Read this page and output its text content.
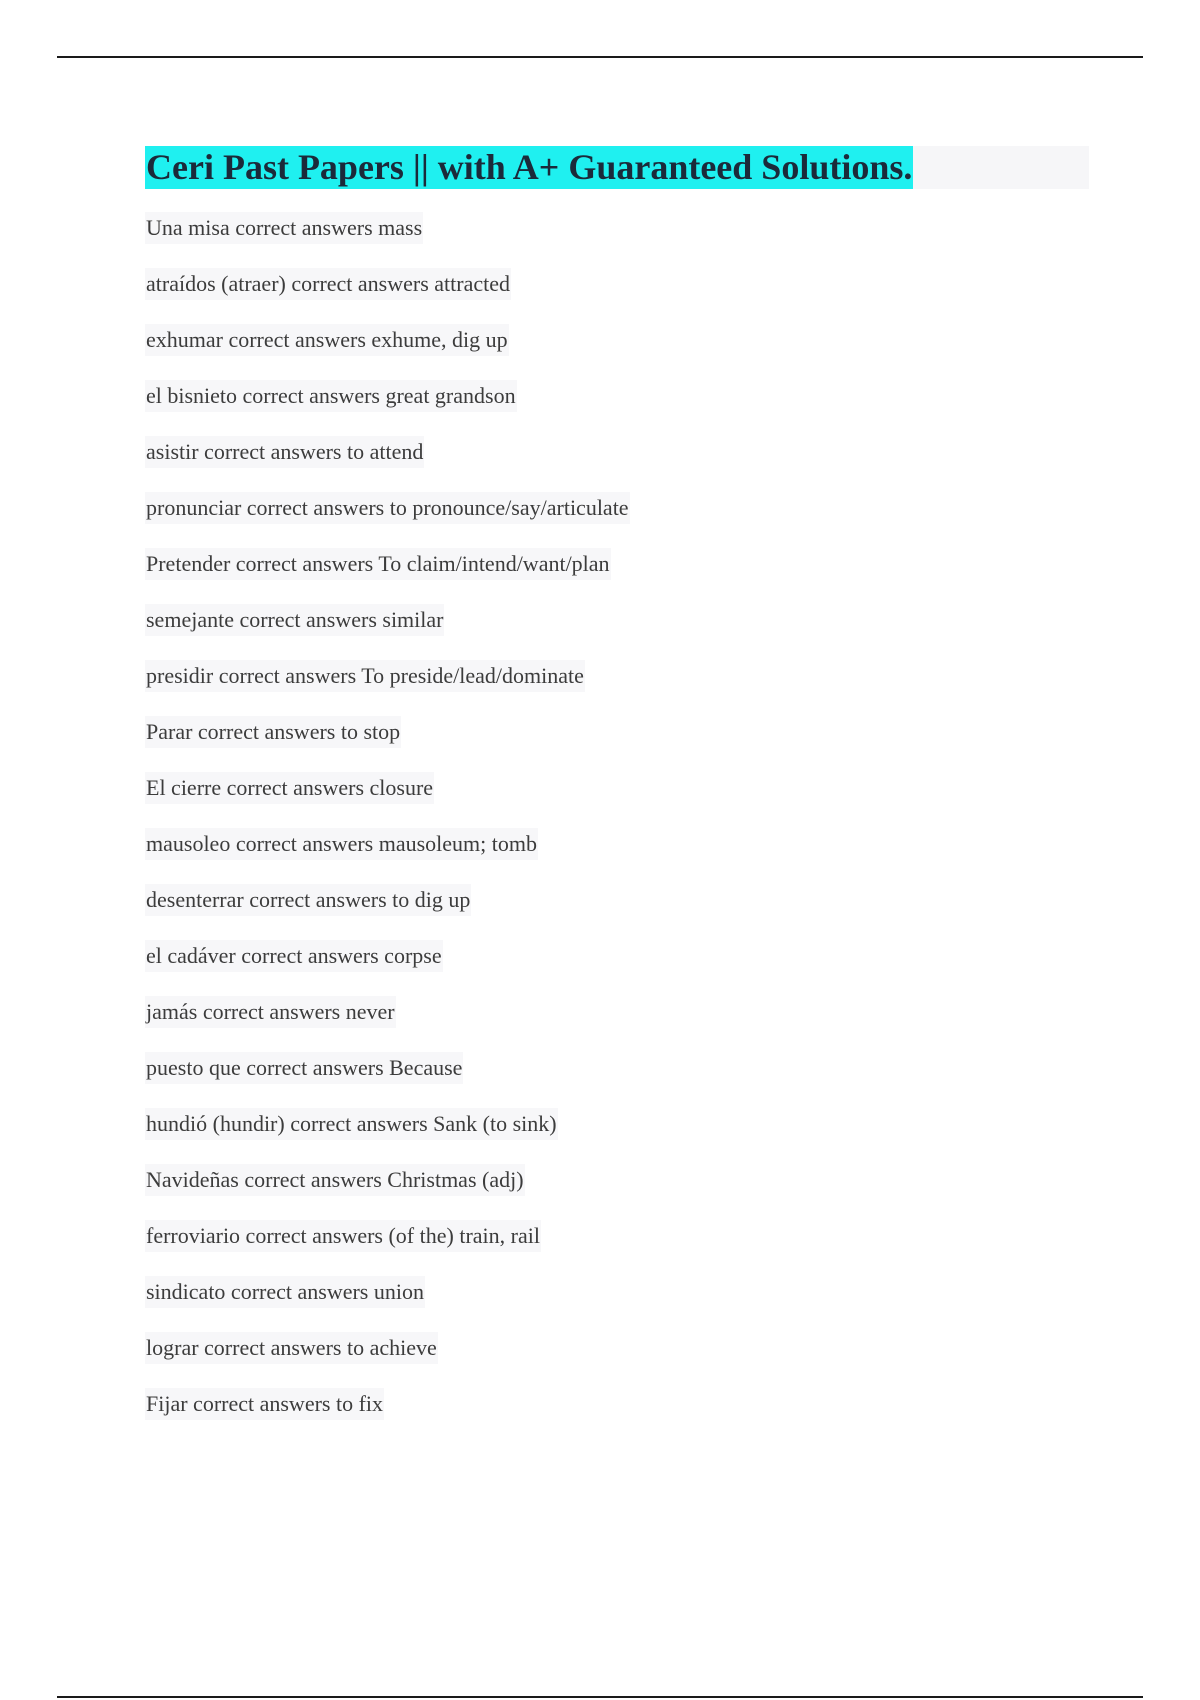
Ceri Past Papers || with A+ Guaranteed Solutions.
Una misa correct answers mass
atraídos (atraer) correct answers attracted
exhumar correct answers exhume, dig up
el bisnieto correct answers great grandson
asistir correct answers to attend
pronunciar correct answers to pronounce/say/articulate
Pretender correct answers To claim/intend/want/plan
semejante correct answers similar
presidir correct answers To preside/lead/dominate
Parar correct answers to stop
El cierre correct answers closure
mausoleo correct answers mausoleum; tomb
desenterrar correct answers to dig up
el cadáver correct answers corpse
jamás correct answers never
puesto que correct answers Because
hundió (hundir) correct answers Sank (to sink)
Navideñas correct answers Christmas (adj)
ferroviario correct answers (of the) train, rail
sindicato correct answers union
lograr correct answers to achieve
Fijar correct answers to fix
